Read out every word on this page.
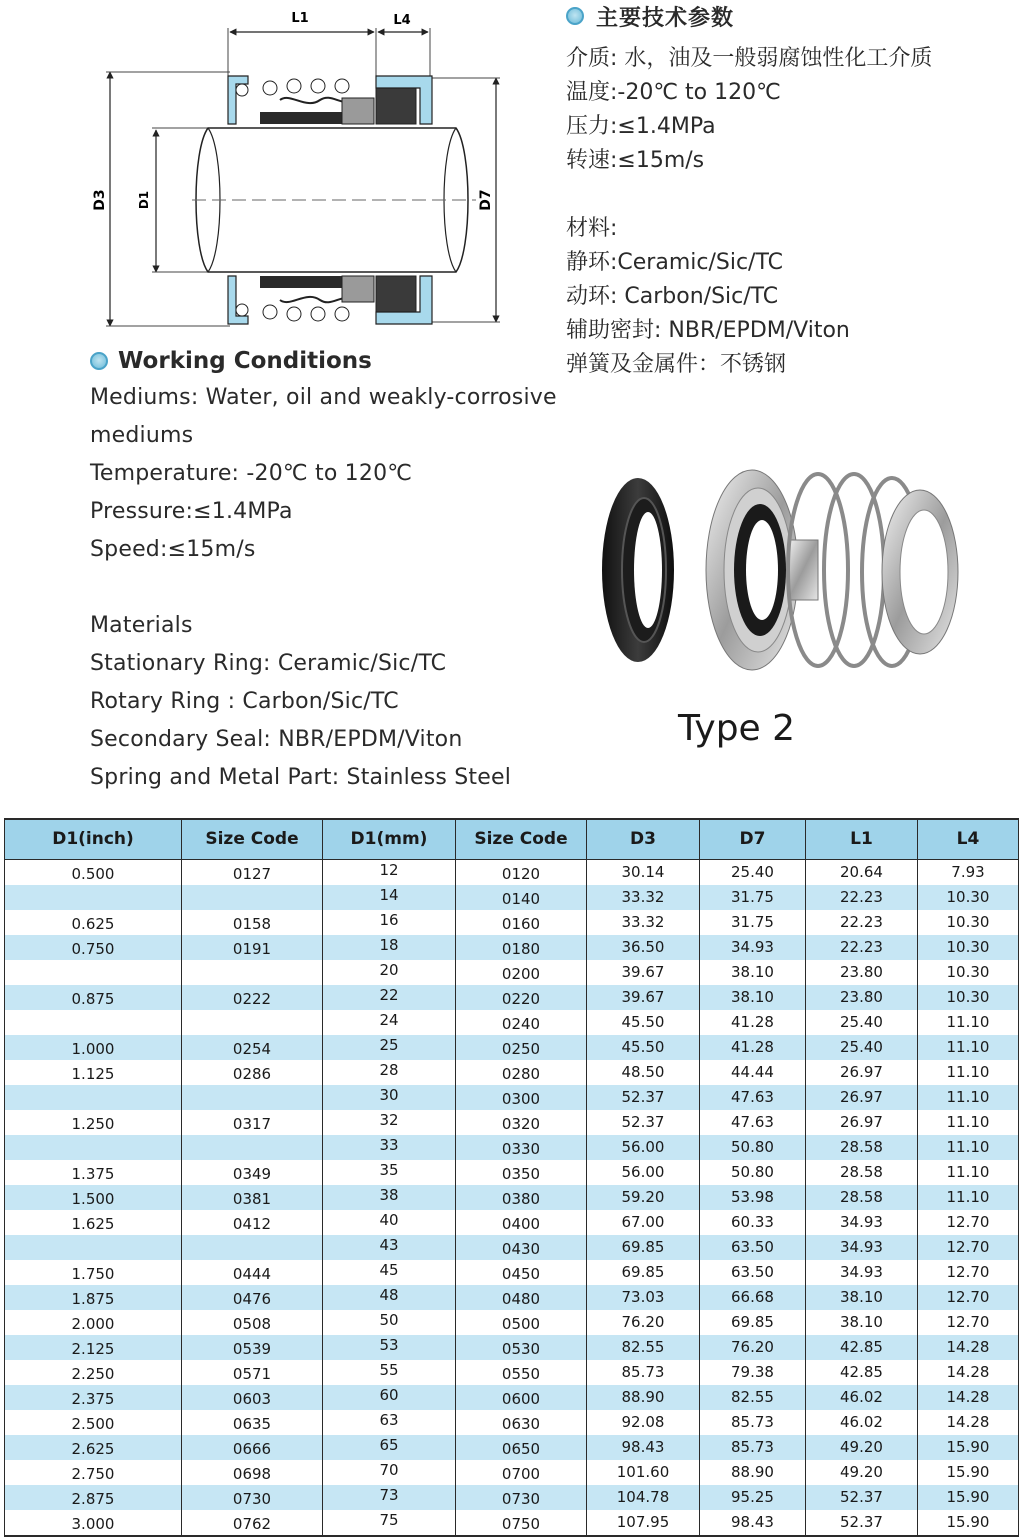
L1	L4
D3 D1	D7
主要技术参数
介质: 水，油及一般弱腐蚀性化工介质
温度:-20℃ to 120℃
压力:≤1.4MPa
转速:≤15m/s
材料:
静环:Ceramic/Sic/TC
动环: Carbon/Sic/TC
辅助密封: NBR/EPDM/Viton
弹簧及金属件：不锈钢
Working Conditions
Mediums: Water, oil and weakly-corrosive
mediums
Temperature: -20℃ to 120℃
Pressure:≤1.4MPa
Speed:≤15m/s
Materials
Stationary Ring: Ceramic/Sic/TC
Rotary Ring : Carbon/Sic/TC
Secondary Seal: NBR/EPDM/Viton
Spring and Metal Part: Stainless Steel
Type 2
D1(inch)	Size Code	D1(mm)	Size Code	D3	D7	L1	L4
0.500	0127	12	0120	30.14	25.40	20.64	7.93
		14	0140	33.32	31.75	22.23	10.30
0.625	0158	16	0160	33.32	31.75	22.23	10.30
0.750	0191	18	0180	36.50	34.93	22.23	10.30
		20	0200	39.67	38.10	23.80	10.30
0.875	0222	22	0220	39.67	38.10	23.80	10.30
		24	0240	45.50	41.28	25.40	11.10
1.000	0254	25	0250	45.50	41.28	25.40	11.10
1.125	0286	28	0280	48.50	44.44	26.97	11.10
		30	0300	52.37	47.63	26.97	11.10
1.250	0317	32	0320	52.37	47.63	26.97	11.10
		33	0330	56.00	50.80	28.58	11.10
1.375	0349	35	0350	56.00	50.80	28.58	11.10
1.500	0381	38	0380	59.20	53.98	28.58	11.10
1.625	0412	40	0400	67.00	60.33	34.93	12.70
		43	0430	69.85	63.50	34.93	12.70
1.750	0444	45	0450	69.85	63.50	34.93	12.70
1.875	0476	48	0480	73.03	66.68	38.10	12.70
2.000	0508	50	0500	76.20	69.85	38.10	12.70
2.125	0539	53	0530	82.55	76.20	42.85	14.28
2.250	0571	55	0550	85.73	79.38	42.85	14.28
2.375	0603	60	0600	88.90	82.55	46.02	14.28
2.500	0635	63	0630	92.08	85.73	46.02	14.28
2.625	0666	65	0650	98.43	85.73	49.20	15.90
2.750	0698	70	0700	101.60	88.90	49.20	15.90
2.875	0730	73	0730	104.78	95.25	52.37	15.90
3.000	0762	75	0750	107.95	98.43	52.37	15.90
